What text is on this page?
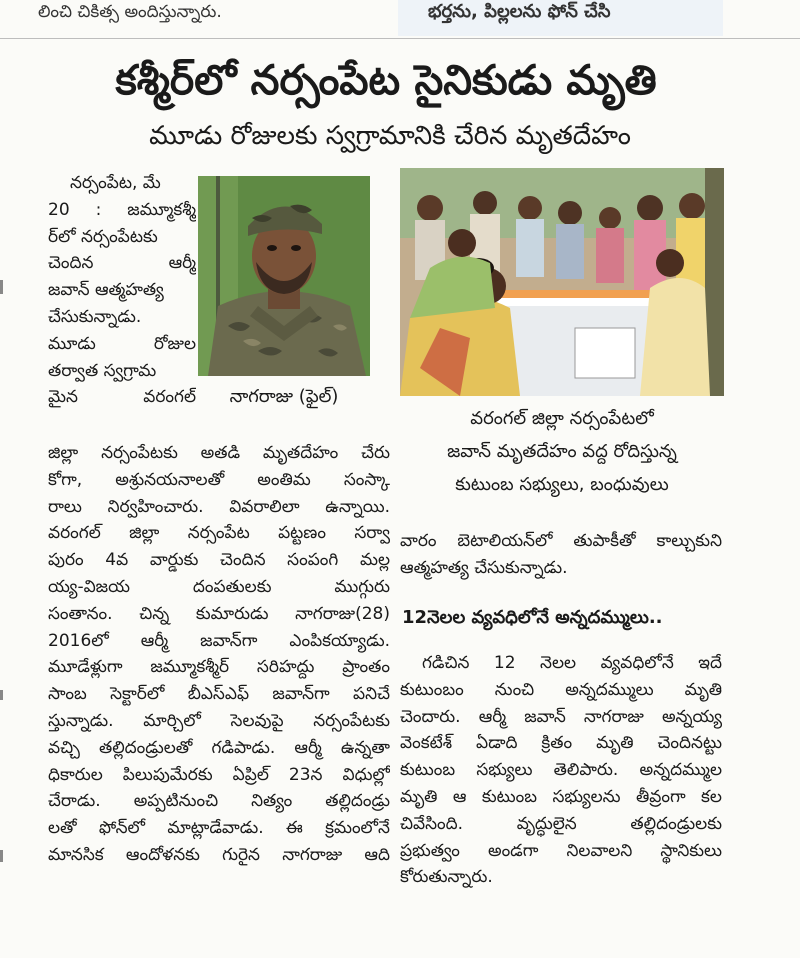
లించి చికిత్స అందిస్తున్నారు.	భర్తను, పిల్లలను ఫోన్ చేసి
కశ్మీర్‌లో నర్సంపేట సైనికుడు మృతి
మూడు రోజులకు స్వగ్రామానికి చేరిన మృతదేహం
నర్సంపేట, మే
20 : జమ్మూకశ్మీ
ర్‌లో నర్సంపేటకు
చెందిన ఆర్మీ
జవాన్ ఆత్మహత్య
చేసుకున్నాడు.
మూడు రోజుల
తర్వాత స్వగ్రామ
మైన వరంగల్	నాగరాజు (ఫైల్)
వరంగల్ జిల్లా నర్సంపేటలో
జవాన్ మృతదేహం వద్ద రోదిస్తున్న
కుటుంబ సభ్యులు, బంధువులు
జిల్లా నర్సంపేటకు అతడి మృతదేహం చేరు
కోగా, అశ్రునయనాలతో అంతిమ సంస్కా
రాలు నిర్వహించారు. వివరాలిలా ఉన్నాయి.
వరంగల్ జిల్లా నర్సంపేట పట్టణం సర్వా
పురం 4వ వార్డుకు చెందిన సంపంగి మల్ల
య్య-విజయ దంపతులకు ముగ్గురు
సంతానం. చిన్న కుమారుడు నాగరాజు(28)
2016లో ఆర్మీ జవాన్‌గా ఎంపికయ్యాడు.
మూడేళ్లుగా జమ్మూకశ్మీర్ సరిహద్దు ప్రాంతం
సాంబ సెక్టార్‌లో బీఎస్ఎఫ్ జవాన్‌గా పనిచే
స్తున్నాడు. మార్చిలో సెలవుపై నర్సంపేటకు
వచ్చి తల్లిదండ్రులతో గడిపాడు. ఆర్మీ ఉన్నతా
ధికారుల పిలుపుమేరకు ఏప్రిల్ 23న విధుల్లో
చేరాడు. అప్పటినుంచి నిత్యం తల్లిదండ్రు
లతో ఫోన్‌లో మాట్లాడేవాడు. ఈ క్రమంలోనే
మానసిక ఆందోళనకు గురైన నాగరాజు ఆది
వారం బెటాలియన్‌లో తుపాకీతో కాల్చుకుని
ఆత్మహత్య చేసుకున్నాడు.
12నెలల వ్యవధిలోనే అన్నదమ్ములు..
గడిచిన 12 నెలల వ్యవధిలోనే ఇదే
కుటుంబం నుంచి అన్నదమ్ములు మృతి
చెందారు. ఆర్మీ జవాన్ నాగరాజు అన్నయ్య
వెంకటేశ్ ఏడాది క్రితం మృతి చెందినట్టు
కుటుంబ సభ్యులు తెలిపారు. అన్నదమ్ముల
మృతి ఆ కుటుంబ సభ్యులను తీవ్రంగా కల
చివేసింది. వృద్ధులైన తల్లిదండ్రులకు
ప్రభుత్వం అండగా నిలవాలని స్థానికులు
కోరుతున్నారు.
